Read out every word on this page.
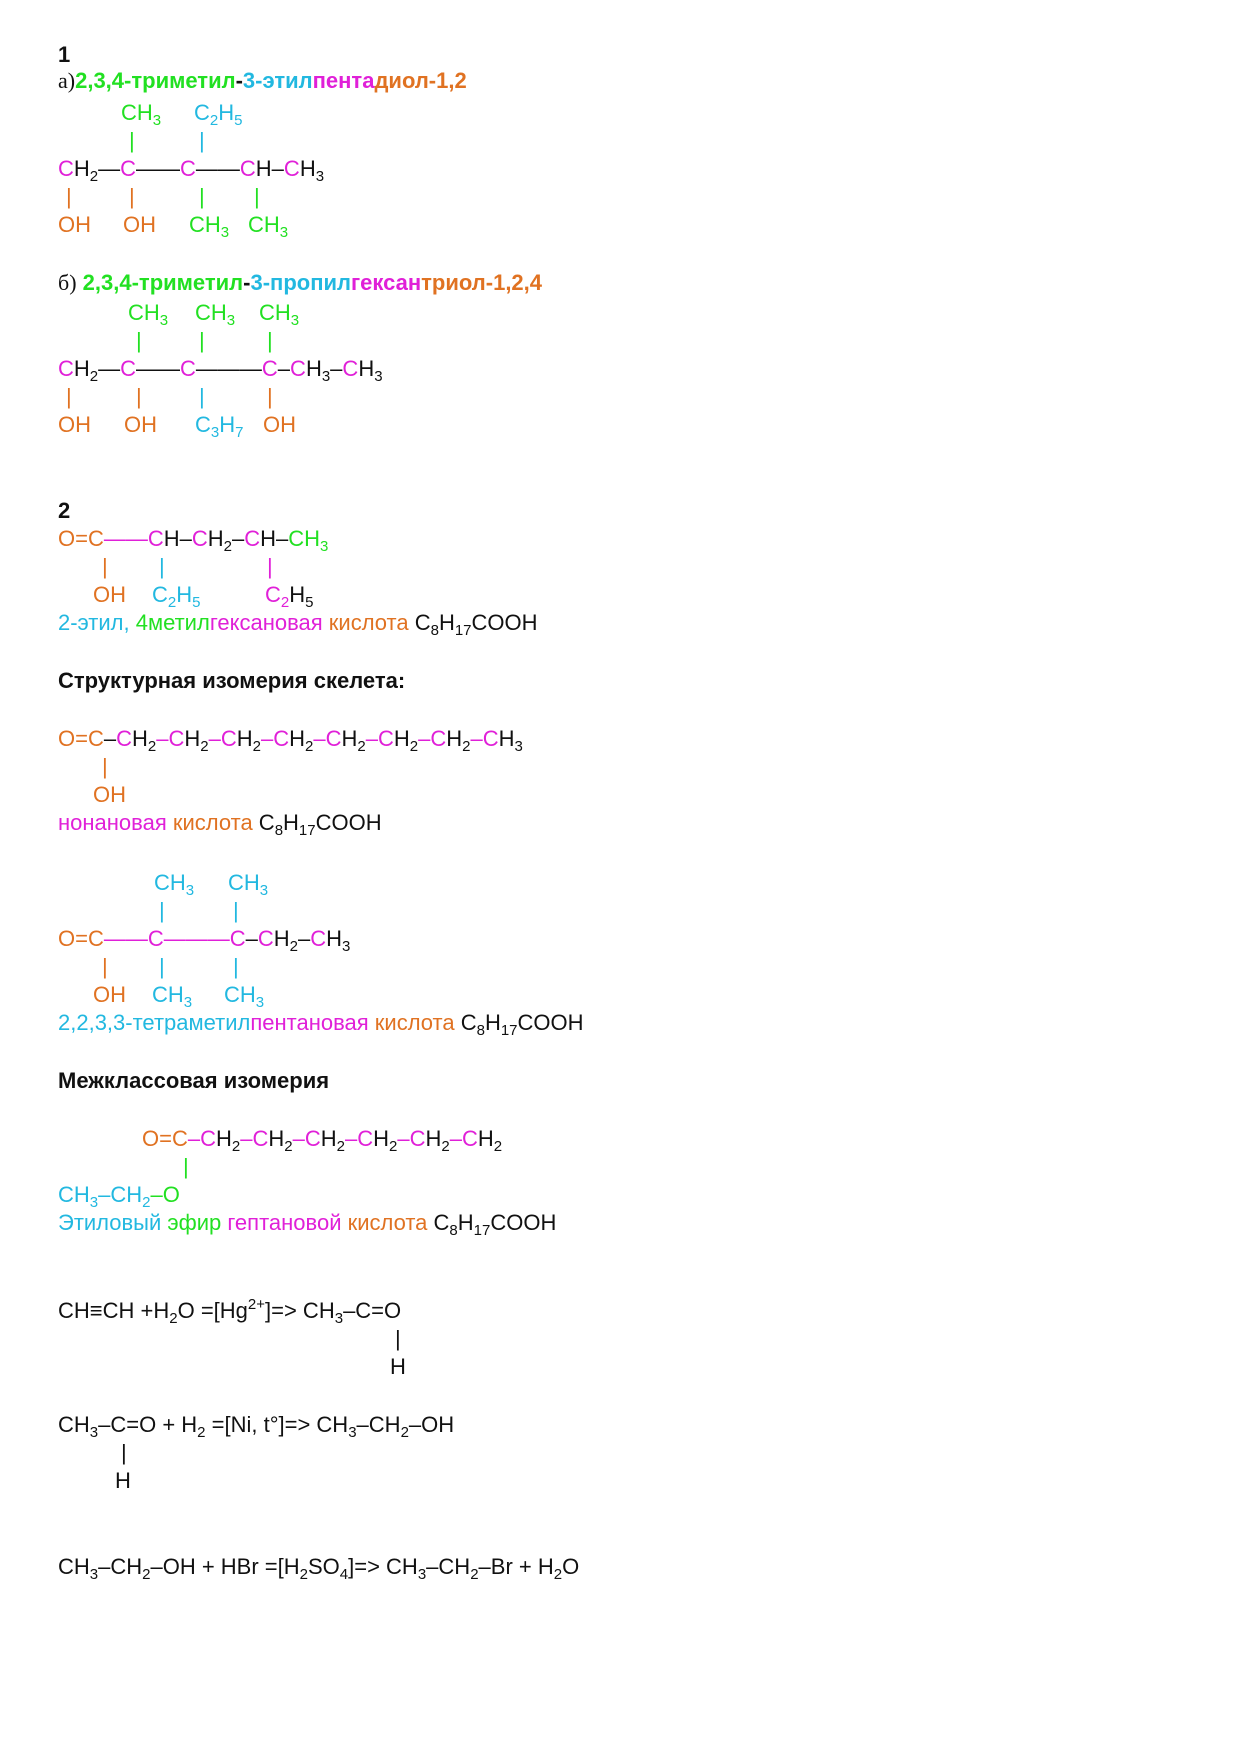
1
а)2,3,4-триметил-3-этилпентадиол-1,2
$CH_3$ $C_2H_5$
|	|
$CH_2—C——C——CH-CH_3$
|	|	| |
OH OH $CH_3$ $CH_3$
б) 2,3,4-триметил-3-пропилгексантриол-1,2,4
$CH_3$ $CH_3$ $CH_3$
|	|	|
$CH_2—C——C———C-CH_3-CH_3$
|	|	|	|
OH OH $C_3H_7$ OH
2
$O=C——CH-CH_2-CH-CH_3$
| |	|
OH $C_2H_5$	$C_2H_5$
2-этил, 4метилгексановая кислота $C_8H_{17}COOH$
Структурная изомерия скелета:
$O=C-CH_2-CH_2-CH_2-CH_2-CH_2-CH_2-CH_2-CH_3$
|
OH
нонановая кислота $C_8H_{17}COOH$
$CH_3$ $CH_3$
|	|
$O=C——C———C-CH_2-CH_3$
| |	|
OH $CH_3$ $CH_3$
2,2,3,3-тетраметилпентановая кислота $C_8H_{17}COOH$
Межклассовая изомерия
$O=C-CH_2-CH_2-CH_2-CH_2-CH_2-CH_2$
|
$CH_3-CH_2-O$
Этиловый эфир гептановой кислота $C_8H_{17}COOH$
$CH\equiv CH +H_2O =[Hg^{2+}]=> CH_3-C=O$
|
H
$CH_3-C=O + H_2 =[Ni$, $t^\circ]=> CH_3-CH_2-OH$
|
H
$CH_3-CH_2-OH$ + HBr $=[H_2SO_4]=> CH_3-CH_2-Br + H_2O$
